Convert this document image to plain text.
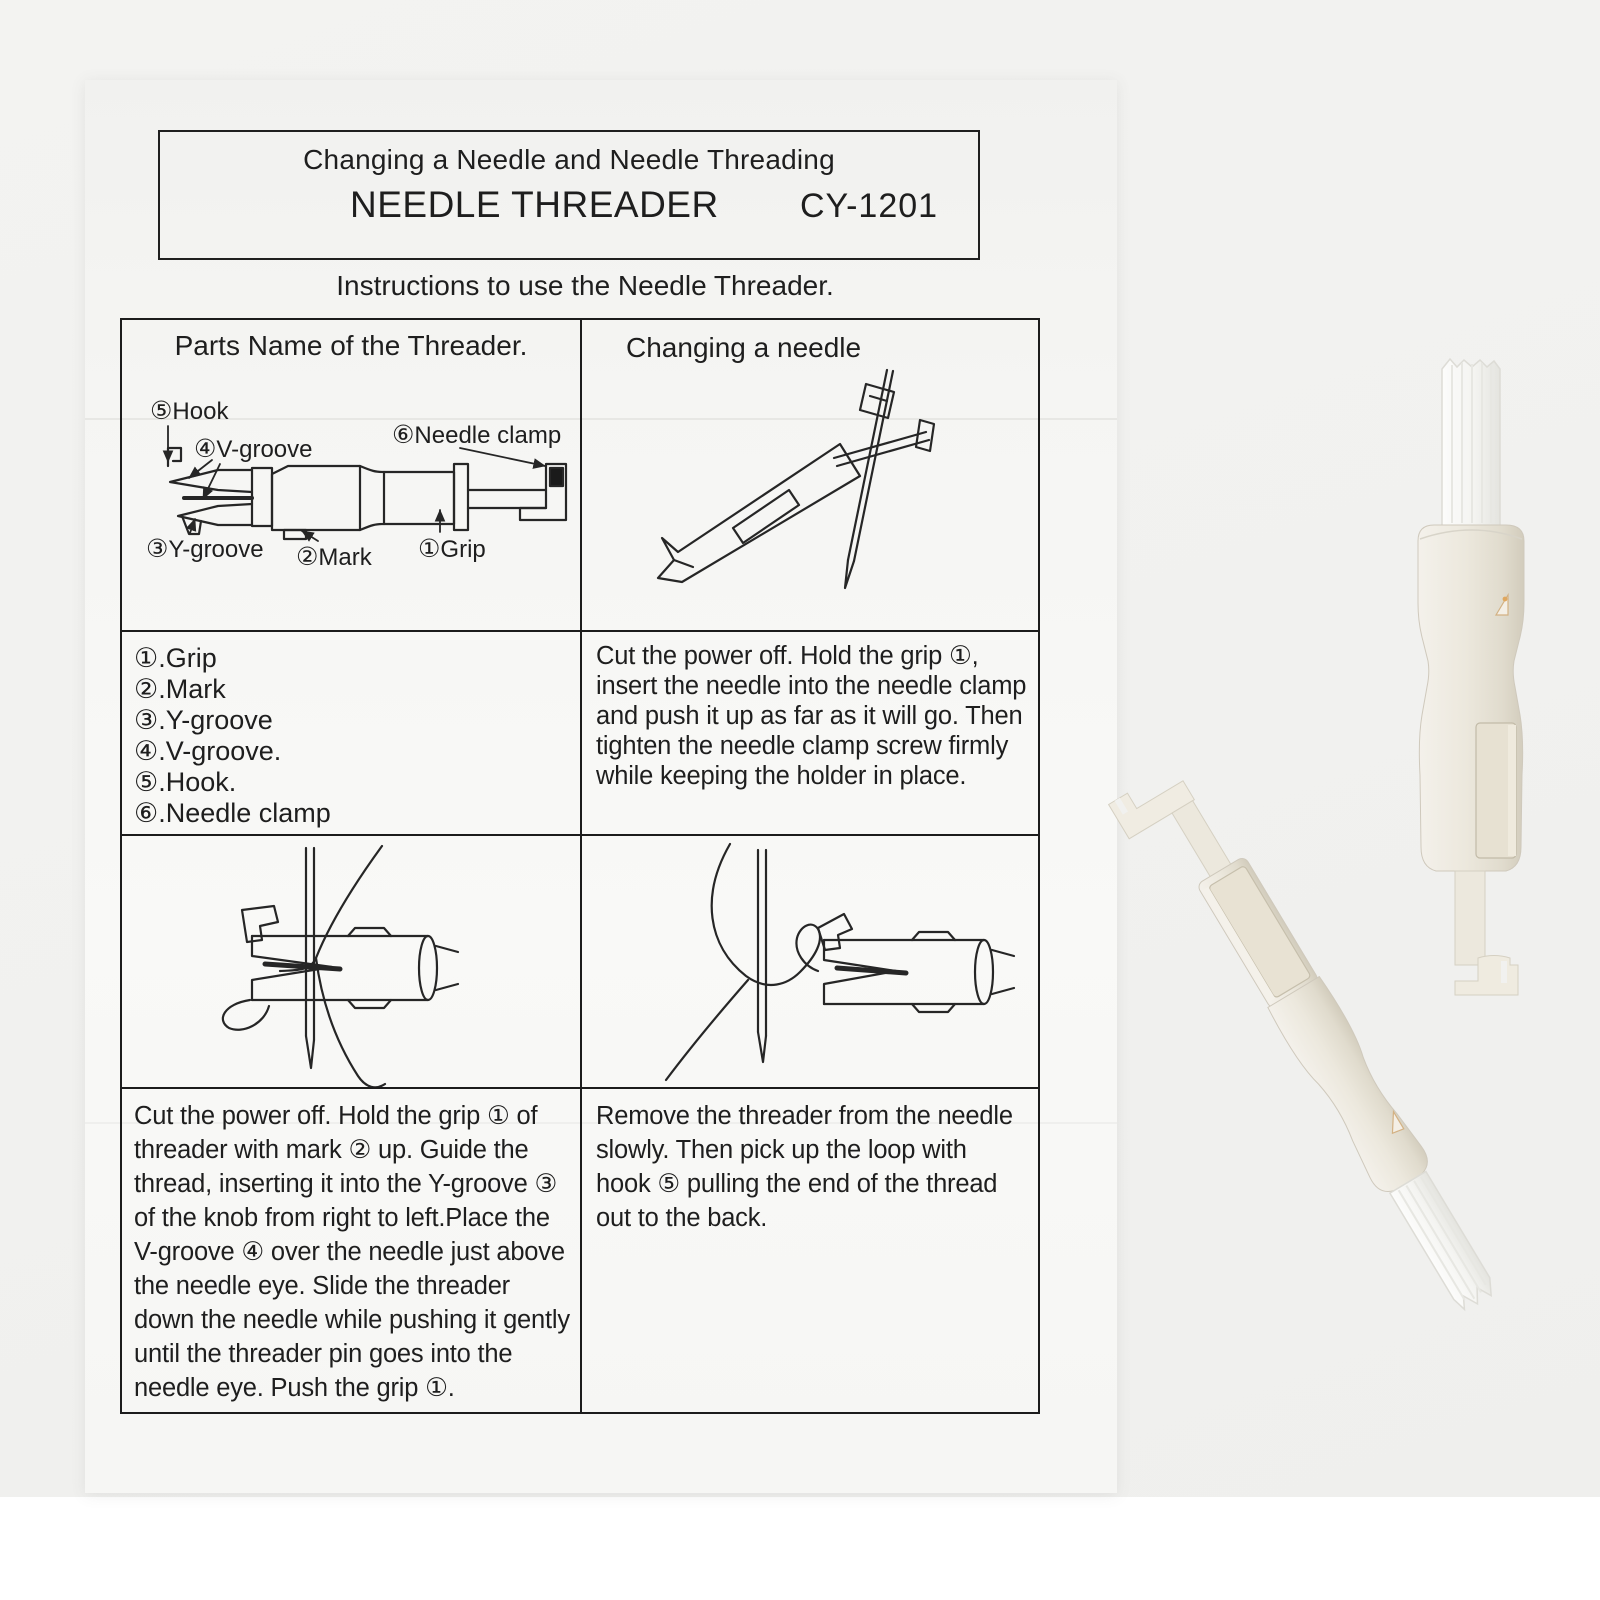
Changing a Needle and Needle Threading
NEEDLE THREADER CY-1201
Instructions to use the Needle Threader.
Parts Name of the Threader.
⑤Hook
④V-groove
⑥Needle clamp
③Y-groove ②Mark ①Grip
Changing a needle
①.Grip
②.Mark
③.Y-groove
④.V-groove.
⑤.Hook.
⑥.Needle clamp
Cut the power off. Hold the grip ①, insert the needle into the needle clamp and push it up as far as it will go. Then tighten the needle clamp screw firmly while keeping the holder in place.
Cut the power off. Hold the grip ① of threader with mark ② up. Guide the thread, inserting it into the Y-groove ③ of the knob from right to left.Place the V-groove ④ over the needle just above the needle eye. Slide the threader down the needle while pushing it gently until the threader pin goes into the needle eye. Push the grip ①.
Remove the threader from the needle slowly. Then pick up the loop with hook ⑤ pulling the end of the thread out to the back.
